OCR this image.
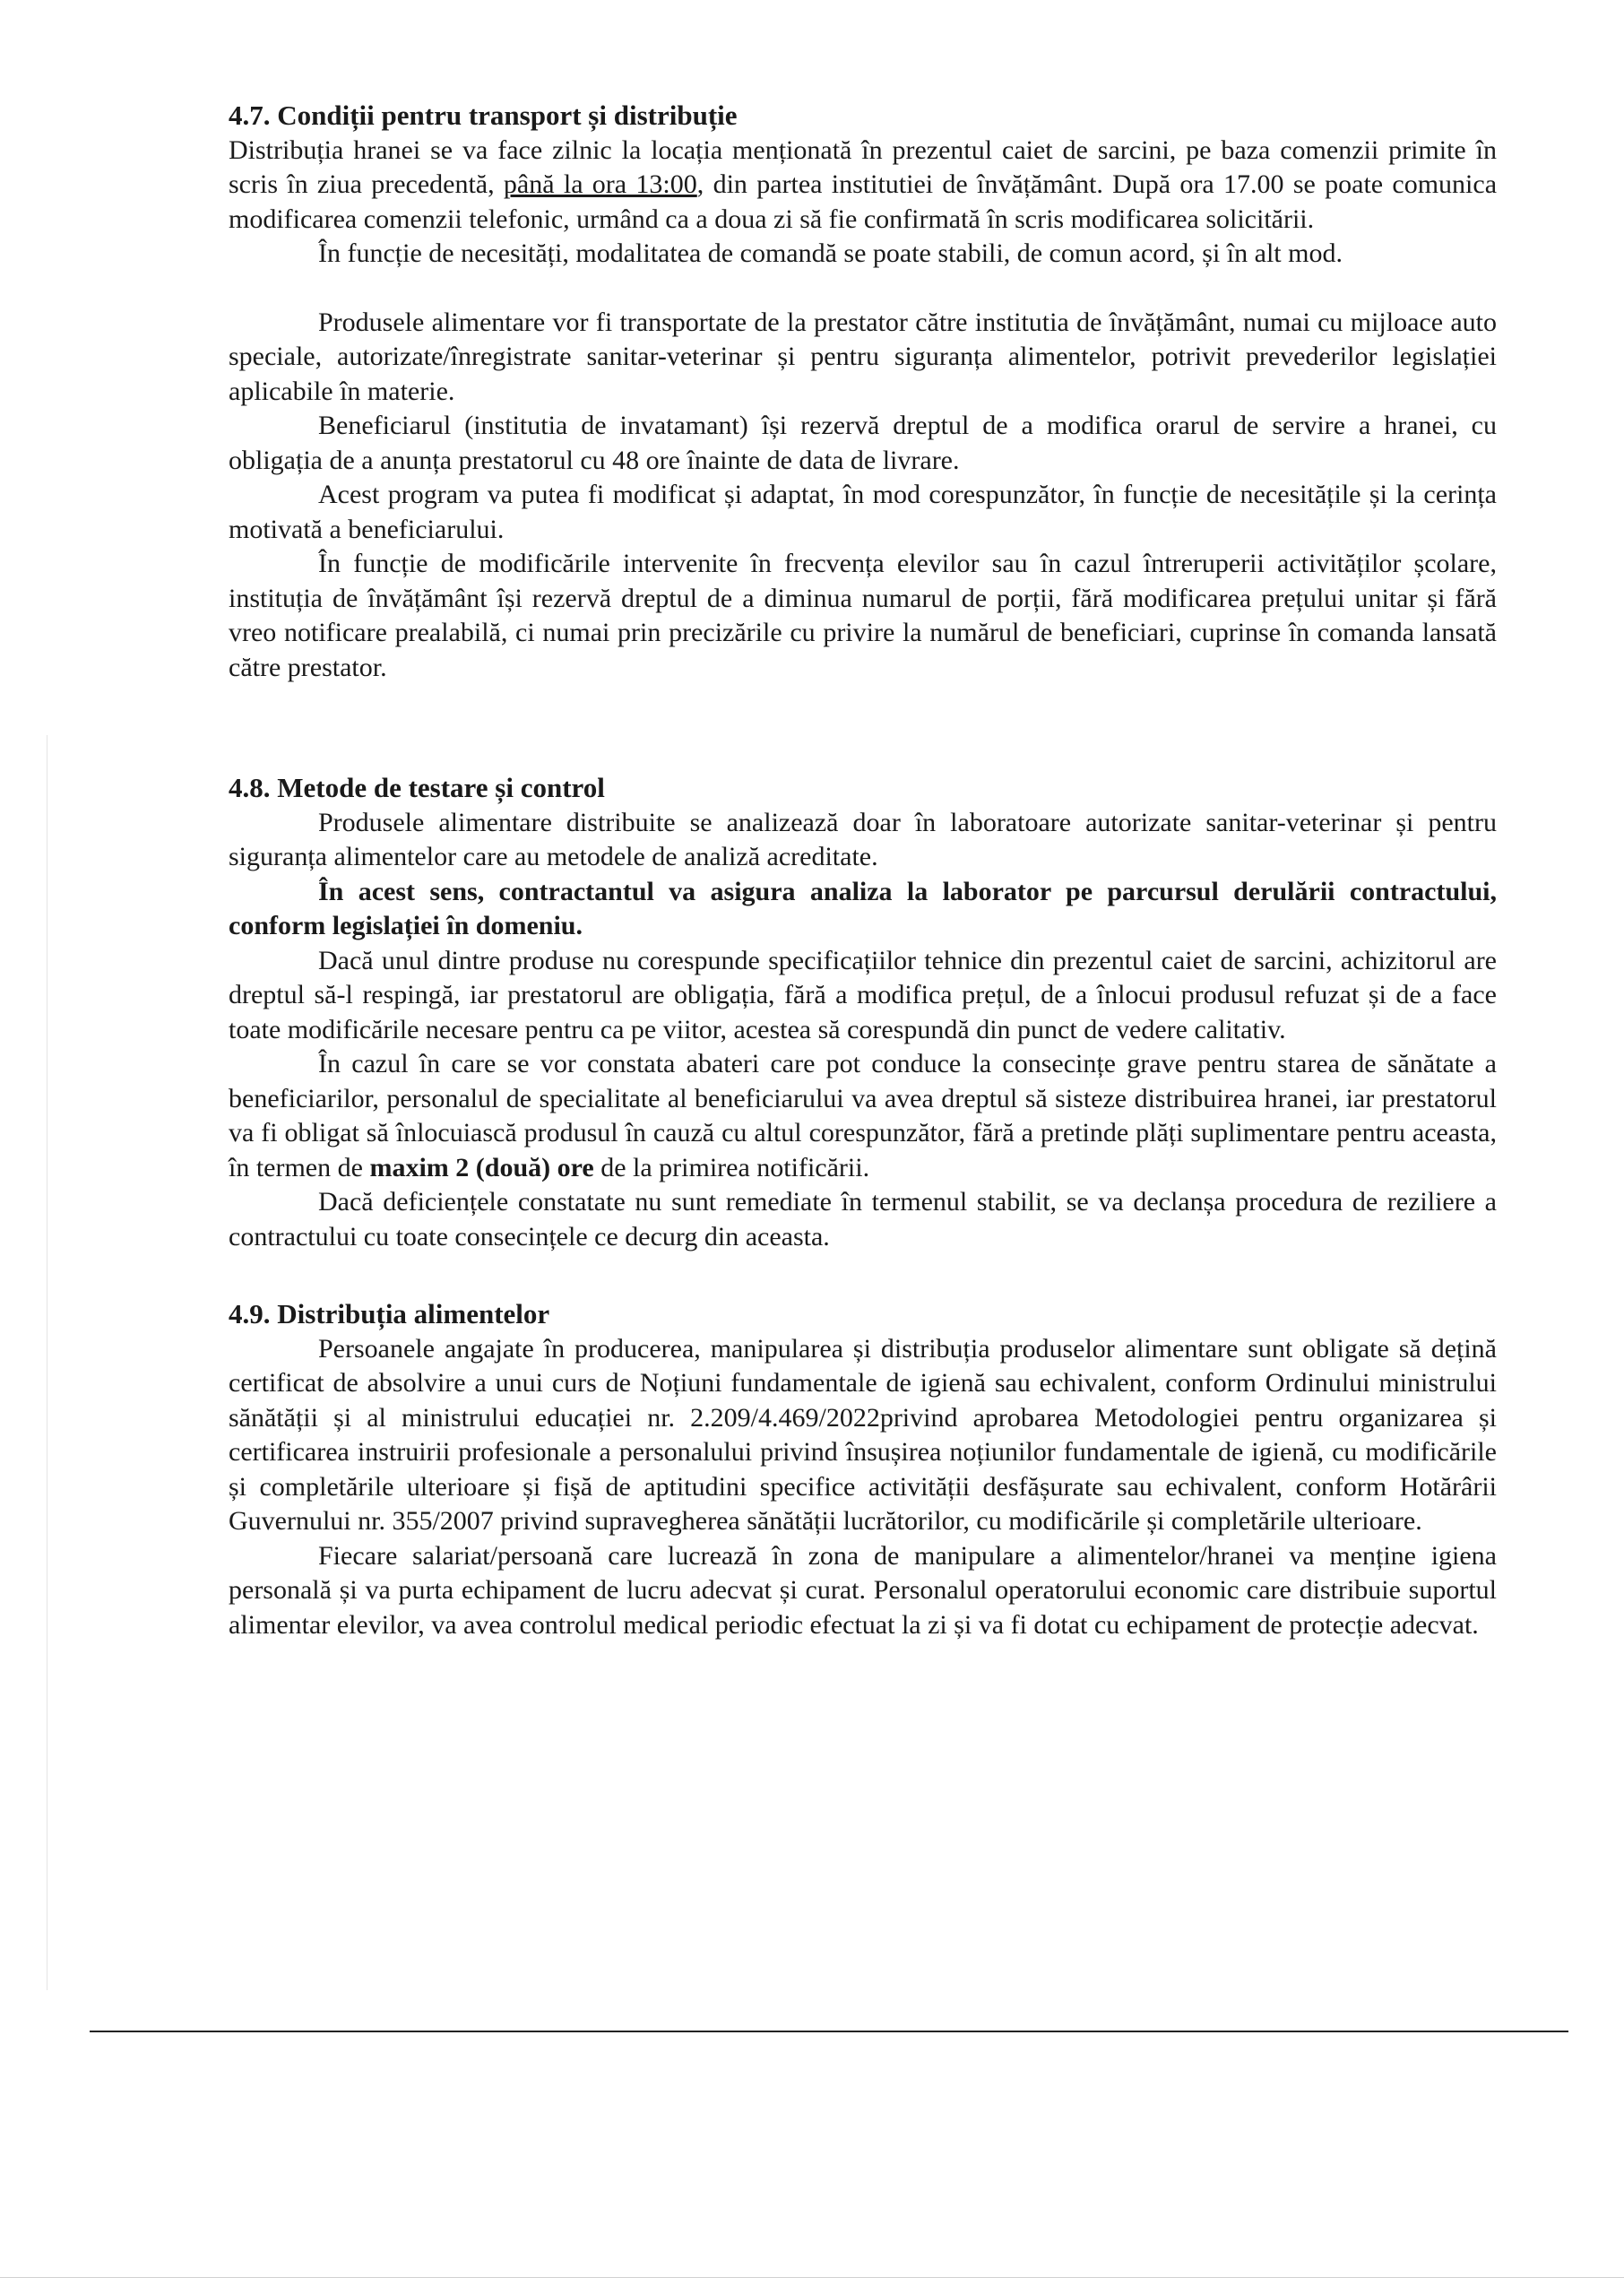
4.7. Condiții pentru transport și distribuție

Distribuția hranei se va face zilnic la locația menționată în prezentul caiet de sarcini, pe baza comenzii primite în scris în ziua precedentă, până la ora 13:00, din partea institutiei de învățământ. După ora 17.00 se poate comunica modificarea comenzii telefonic, urmând ca a doua zi să fie confirmată în scris modificarea solicitării.

În funcție de necesități, modalitatea de comandă se poate stabili, de comun acord, și în alt mod.

Produsele alimentare vor fi transportate de la prestator către institutia de învățământ, numai cu mijloace auto speciale, autorizate/înregistrate sanitar-veterinar și pentru siguranța alimentelor, potrivit prevederilor legislației aplicabile în materie.

Beneficiarul (institutia de invatamant) își rezervă dreptul de a modifica orarul de servire a hranei, cu obligația de a anunța prestatorul cu 48 ore înainte de data de livrare.

Acest program va putea fi modificat și adaptat, în mod corespunzător, în funcție de necesitățile și la cerința motivată a beneficiarului.

În funcție de modificările intervenite în frecvența elevilor sau în cazul întreruperii activităților școlare, instituția de învățământ își rezervă dreptul de a diminua numarul de porții, fără modificarea prețului unitar și fără vreo notificare prealabilă, ci numai prin precizările cu privire la numărul de beneficiari, cuprinse în comanda lansată către prestator.

4.8. Metode de testare și control

Produsele alimentare distribuite se analizează doar în laboratoare autorizate sanitar-veterinar și pentru siguranța alimentelor care au metodele de analiză acreditate.

În acest sens, contractantul va asigura analiza la laborator pe parcursul derulării contractului, conform legislației în domeniu.

Dacă unul dintre produse nu corespunde specificațiilor tehnice din prezentul caiet de sarcini, achizitorul are dreptul să-l respingă, iar prestatorul are obligația, fără a modifica prețul, de a înlocui produsul refuzat și de a face toate modificările necesare pentru ca pe viitor, acestea să corespundă din punct de vedere calitativ.

În cazul în care se vor constata abateri care pot conduce la consecințe grave pentru starea de sănătate a beneficiarilor, personalul de specialitate al beneficiarului va avea dreptul să sisteze distribuirea hranei, iar prestatorul va fi obligat să înlocuiască produsul în cauză cu altul corespunzător, fără a pretinde plăți suplimentare pentru aceasta, în termen de maxim 2 (două) ore de la primirea notificării.

Dacă deficiențele constatate nu sunt remediate în termenul stabilit, se va declanșa procedura de reziliere a contractului cu toate consecințele ce decurg din aceasta.

4.9. Distribuția alimentelor

Persoanele angajate în producerea, manipularea și distribuția produselor alimentare sunt obligate să dețină certificat de absolvire a unui curs de Noțiuni fundamentale de igienă sau echivalent, conform Ordinului ministrului sănătății și al ministrului educației nr. 2.209/4.469/2022privind aprobarea Metodologiei pentru organizarea și certificarea instruirii profesionale a personalului privind însușirea noțiunilor fundamentale de igienă, cu modificările și completările ulterioare și fișă de aptitudini specifice activității desfășurate sau echivalent, conform Hotărârii Guvernului nr. 355/2007 privind supravegherea sănătății lucrătorilor, cu modificările și completările ulterioare.

Fiecare salariat/persoană care lucrează în zona de manipulare a alimentelor/hranei va menține igiena personală și va purta echipament de lucru adecvat și curat. Personalul operatorului economic care distribuie suportul alimentar elevilor, va avea controlul medical periodic efectuat la zi și va fi dotat cu echipament de protecție adecvat.
